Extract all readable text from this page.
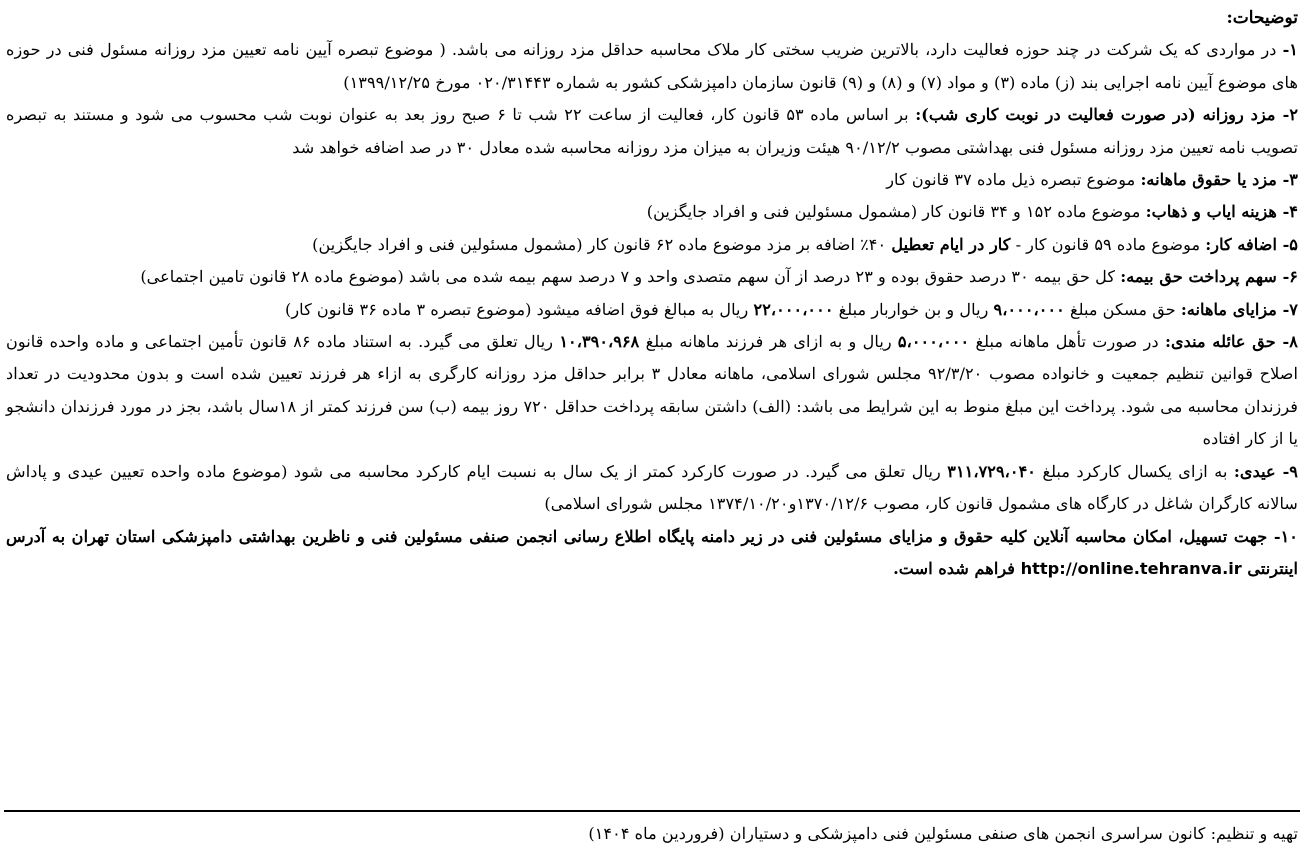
توضیحات:

۱- در مواردی که یک شرکت در چند حوزه فعالیت دارد، بالاترین ضریب سختی کار ملاک محاسبه حداقل مزد روزانه می باشد. ( موضوع تبصره آیین نامه تعیین مزد روزانه مسئول فنی در حوزه های موضوع آیین نامه اجرایی بند (ز) ماده (۳) و مواد (۷) و (۸) و (۹) قانون سازمان دامپزشکی کشور به شماره ۰۲۰/۳۱۴۴۳ مورخ ۱۳۹۹/۱۲/۲۵)

۲- مزد روزانه (در صورت فعالیت در نوبت کاری شب): بر اساس ماده ۵۳ قانون کار، فعالیت از ساعت ۲۲ شب تا ۶ صبح روز بعد به عنوان نوبت شب محسوب می شود و مستند به تبصره تصویب نامه تعیین مزد روزانه مسئول فنی بهداشتی مصوب ۹۰/۱۲/۲ هیئت وزیران به میزان مزد روزانه محاسبه شده معادل ۳۰ در صد اضافه خواهد شد

۳- مزد یا حقوق ماهانه: موضوع تبصره ذیل ماده ۳۷ قانون کار

۴- هزینه ایاب و ذهاب: موضوع ماده ۱۵۲ و ۳۴ قانون کار (مشمول مسئولین فنی و افراد جایگزین)

۵- اضافه کار: موضوع ماده ۵۹ قانون کار - کار در ایام تعطیل ۴۰٪ اضافه بر مزد موضوع ماده ۶۲ قانون کار (مشمول مسئولین فنی و افراد جایگزین)

۶- سهم پرداخت حق بیمه: کل حق بیمه ۳۰ درصد حقوق بوده و ۲۳ درصد از آن سهم متصدی واحد و ۷ درصد سهم بیمه شده می باشد (موضوع ماده ۲۸ قانون تامین اجتماعی)

۷- مزایای ماهانه: حق مسکن مبلغ ۹،۰۰۰،۰۰۰ ریال و بن خواربار مبلغ ۲۲،۰۰۰،۰۰۰ ریال به مبالغ فوق اضافه میشود (موضوع تبصره ۳ ماده ۳۶ قانون کار)

۸- حق عائله مندی: در صورت تأهل ماهانه مبلغ ۵،۰۰۰،۰۰۰ ریال و به ازای هر فرزند ماهانه مبلغ ۱۰،۳۹۰،۹۶۸ ریال تعلق می گیرد. به استناد ماده ۸۶ قانون تأمین اجتماعی و ماده واحده قانون اصلاح قوانین تنظیم جمعیت و خانواده مصوب ۹۲/۳/۲۰ مجلس شورای اسلامی، ماهانه معادل ۳ برابر حداقل مزد روزانه کارگری به ازاء هر فرزند تعیین شده است و بدون محدودیت در تعداد فرزندان محاسبه می شود. پرداخت این مبلغ منوط به این شرایط می باشد: (الف) داشتن سابقه پرداخت حداقل ۷۲۰ روز بیمه (ب) سن فرزند کمتر از ۱۸سال باشد، بجز در مورد فرزندان دانشجو یا از کار افتاده

۹- عیدی: به ازای یکسال کارکرد مبلغ ۳۱۱،۷۲۹،۰۴۰ ریال تعلق می گیرد. در صورت کارکرد کمتر از یک سال به نسبت ایام کارکرد محاسبه می شود (موضوع ماده واحده تعیین عیدی و پاداش سالانه کارگران شاغل در کارگاه های مشمول قانون کار، مصوب ۱۳۷۰/۱۲/۶و۱۳۷۴/۱۰/۲۰ مجلس شورای اسلامی)

۱۰- جهت تسهیل، امکان محاسبه آنلاین کلیه حقوق و مزایای مسئولین فنی در زیر دامنه پایگاه اطلاع رسانی انجمن صنفی مسئولین فنی و ناظرین بهداشتی دامپزشکی استان تهران به آدرس اینترنتی http://online.tehranva.ir فراهم شده است.

تهیه و تنظیم: کانون سراسری انجمن های صنفی مسئولین فنی دامپزشکی و دستیاران (فروردین ماه ۱۴۰۴)
